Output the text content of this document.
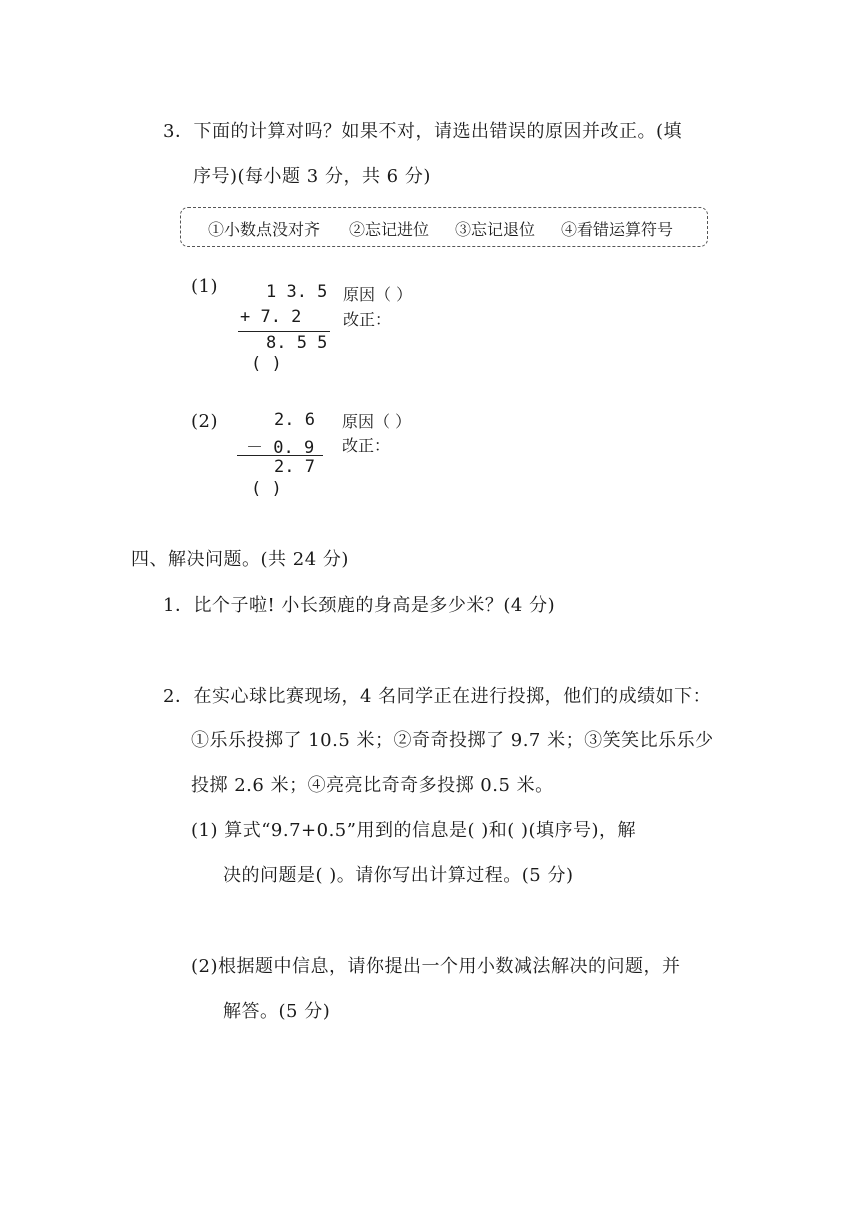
3．下面的计算对吗？如果不对，请选出错误的原因并改正。(填
序号)(每小题 3 分，共 6 分)
①小数点没对齐 ②忘记进位 ③忘记退位 ④看错运算符号
(1)	1 3. 5
+ 7. 2
8. 5 5
( )
原因（ ）
改正：
(2)	2. 6
－ 0. 9
2. 7
( )
原因（ ）
改正：
四、解决问题。(共 24 分)
1．比个子啦! 小长颈鹿的身高是多少米？(4 分)
2．在实心球比赛现场，4 名同学正在进行投掷，他们的成绩如下：
①乐乐投掷了 10.5 米；②奇奇投掷了 9.7 米；③笑笑比乐乐少
投掷 2.6 米；④亮亮比奇奇多投掷 0.5 米。
(1) 算式“9.7+0.5”用到的信息是( )和( )(填序号)，解
决的问题是( )。请你写出计算过程。(5 分)
(2)根据题中信息，请你提出一个用小数减法解决的问题，并
解答。(5 分)
